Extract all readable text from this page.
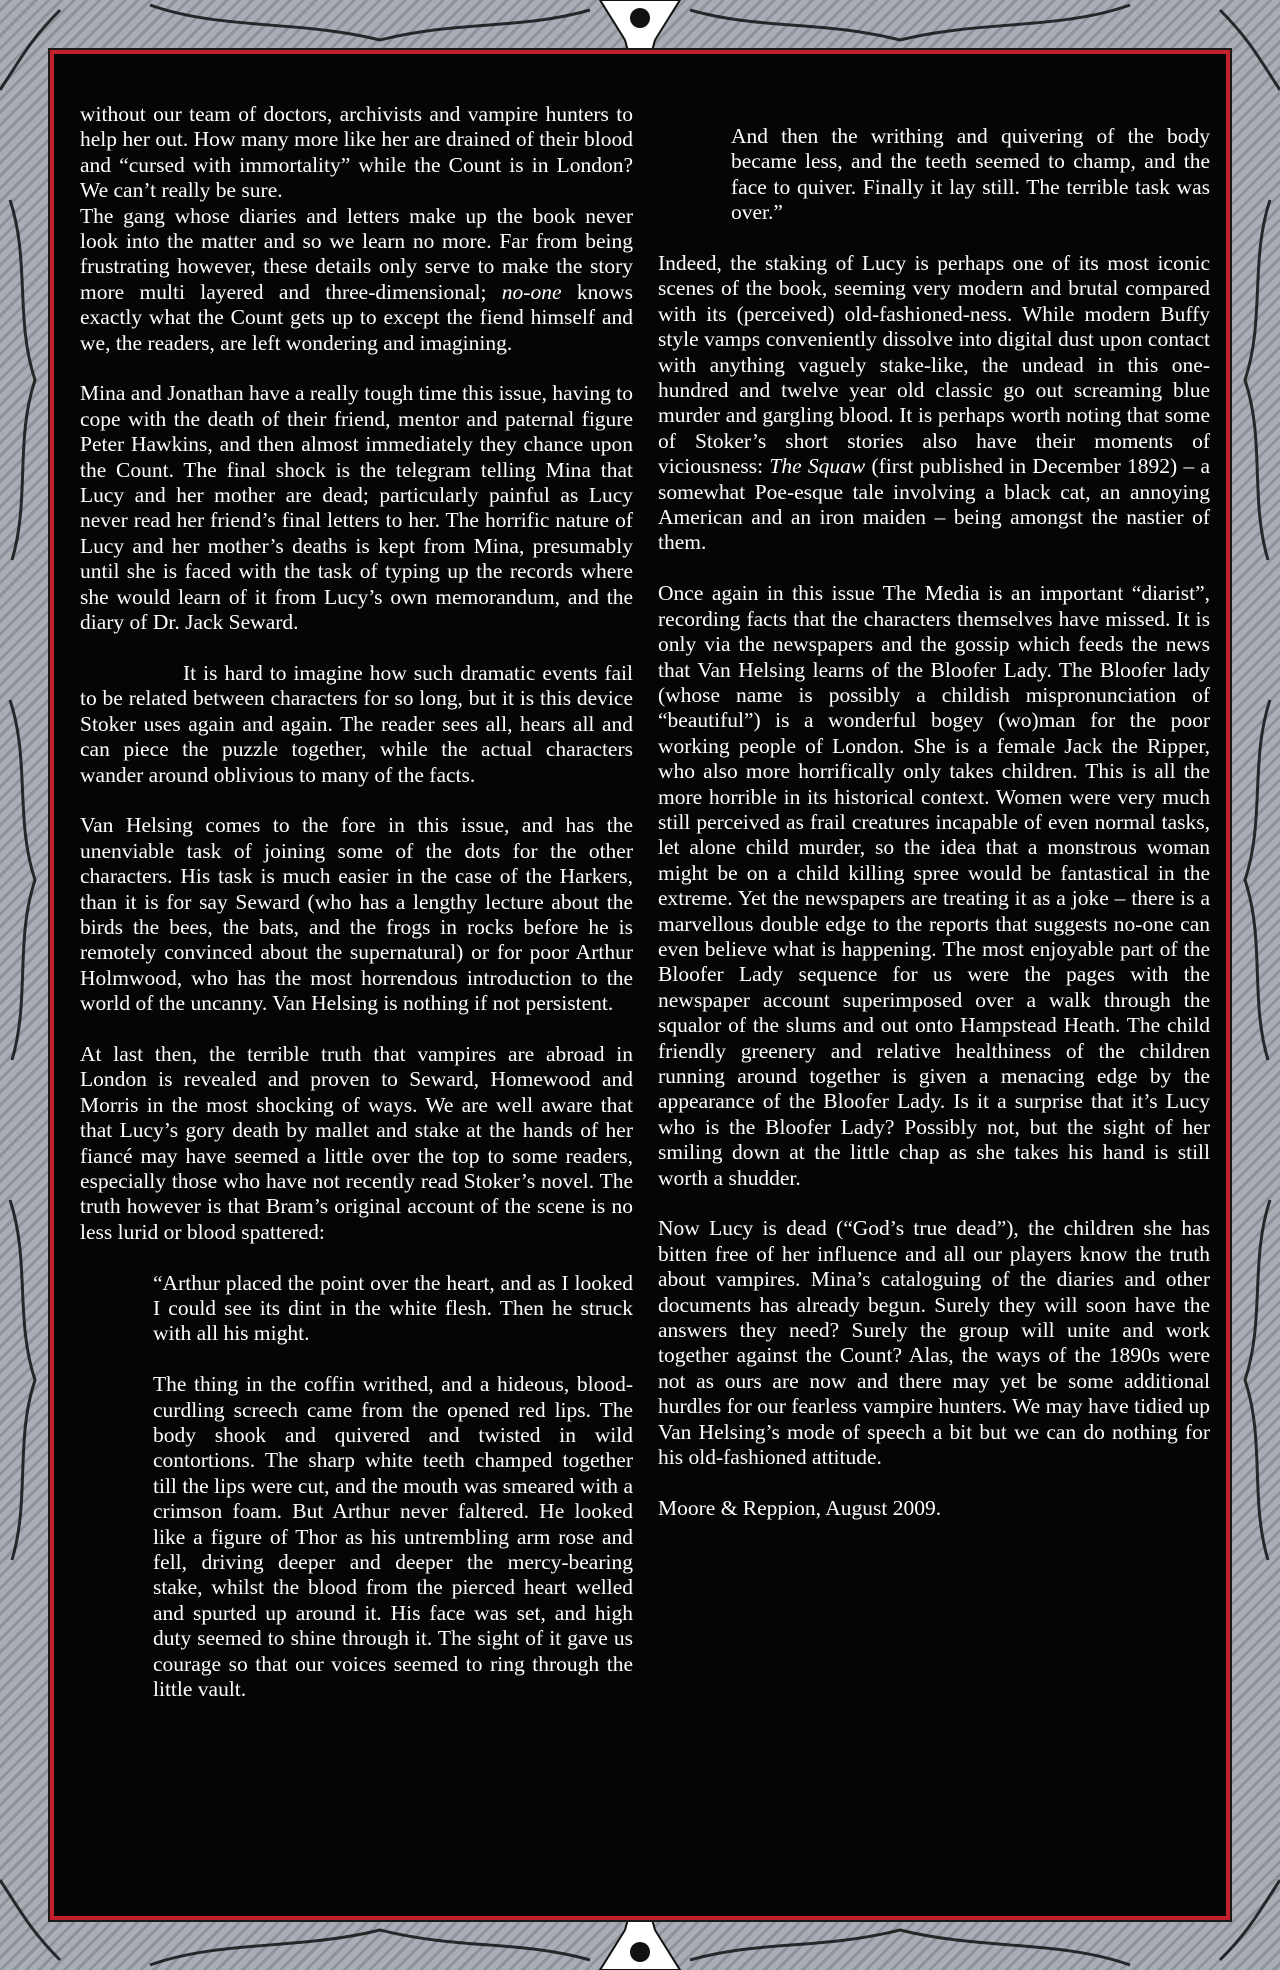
without our team of doctors, archivists and vampire hunters to help her out. How many more like her are drained of their blood and “cursed with immortality” while the Count is in London? We can’t really be sure.

The gang whose diaries and letters make up the book never look into the matter and so we learn no more. Far from being frustrating however, these details only serve to make the story more multi layered and three-dimensional; no-one knows exactly what the Count gets up to except the fiend himself and we, the readers, are left wondering and imagining.

Mina and Jonathan have a really tough time this issue, having to cope with the death of their friend, mentor and paternal figure Peter Hawkins, and then almost immediately they chance upon the Count. The final shock is the telegram telling Mina that Lucy and her mother are dead; particularly painful as Lucy never read her friend’s final letters to her. The horrific nature of Lucy and her mother’s deaths is kept from Mina, presumably until she is faced with the task of typing up the records where she would learn of it from Lucy’s own memorandum, and the diary of Dr. Jack Seward.

It is hard to imagine how such dramatic events fail to be related between characters for so long, but it is this device Stoker uses again and again. The reader sees all, hears all and can piece the puzzle together, while the actual characters wander around oblivious to many of the facts.

Van Helsing comes to the fore in this issue, and has the unenviable task of joining some of the dots for the other characters. His task is much easier in the case of the Harkers, than it is for say Seward (who has a lengthy lecture about the birds the bees, the bats, and the frogs in rocks before he is remotely convinced about the supernatural) or for poor Arthur Holmwood, who has the most horrendous introduction to the world of the uncanny. Van Helsing is nothing if not persistent.

At last then, the terrible truth that vampires are abroad in London is revealed and proven to Seward, Homewood and Morris in the most shocking of ways. We are well aware that that Lucy’s gory death by mallet and stake at the hands of her fiancé may have seemed a little over the top to some readers, especially those who have not recently read Stoker’s novel. The truth however is that Bram’s original account of the scene is no less lurid or blood spattered:

“Arthur placed the point over the heart, and as I looked I could see its dint in the white flesh. Then he struck with all his might.

The thing in the coffin writhed, and a hideous, blood-curdling screech came from the opened red lips. The body shook and quivered and twisted in wild contortions. The sharp white teeth champed together till the lips were cut, and the mouth was smeared with a crimson foam. But Arthur never faltered. He looked like a figure of Thor as his untrembling arm rose and fell, driving deeper and deeper the mercy-bearing stake, whilst the blood from the pierced heart welled and spurted up around it. His face was set, and high duty seemed to shine through it. The sight of it gave us courage so that our voices seemed to ring through the little vault.

And then the writhing and quivering of the body became less, and the teeth seemed to champ, and the face to quiver. Finally it lay still. The terrible task was over.”

Indeed, the staking of Lucy is perhaps one of its most iconic scenes of the book, seeming very modern and brutal compared with its (perceived) old-fashioned-ness. While modern Buffy style vamps conveniently dissolve into digital dust upon contact with anything vaguely stake-like, the undead in this one-hundred and twelve year old classic go out screaming blue murder and gargling blood. It is perhaps worth noting that some of Stoker’s short stories also have their moments of viciousness: The Squaw (first published in December 1892) – a somewhat Poe-esque tale involving a black cat, an annoying American and an iron maiden – being amongst the nastier of them.

Once again in this issue The Media is an important “diarist”, recording facts that the characters themselves have missed. It is only via the newspapers and the gossip which feeds the news that Van Helsing learns of the Bloofer Lady. The Bloofer lady (whose name is possibly a childish mispronunciation of “beautiful”) is a wonderful bogey (wo)man for the poor working people of London. She is a female Jack the Ripper, who also more horrifically only takes children. This is all the more horrible in its historical context. Women were very much still perceived as frail creatures incapable of even normal tasks, let alone child murder, so the idea that a monstrous woman might be on a child killing spree would be fantastical in the extreme. Yet the newspapers are treating it as a joke – there is a marvellous double edge to the reports that suggests no-one can even believe what is happening. The most enjoyable part of the Bloofer Lady sequence for us were the pages with the newspaper account superimposed over a walk through the squalor of the slums and out onto Hampstead Heath. The child friendly greenery and relative healthiness of the children running around together is given a menacing edge by the appearance of the Bloofer Lady. Is it a surprise that it’s Lucy who is the Bloofer Lady? Possibly not, but the sight of her smiling down at the little chap as she takes his hand is still worth a shudder.

Now Lucy is dead (“God’s true dead”), the children she has bitten free of her influence and all our players know the truth about vampires. Mina’s cataloguing of the diaries and other documents has already begun. Surely they will soon have the answers they need? Surely the group will unite and work together against the Count? Alas, the ways of the 1890s were not as ours are now and there may yet be some additional hurdles for our fearless vampire hunters. We may have tidied up Van Helsing’s mode of speech a bit but we can do nothing for his old-fashioned attitude.

Moore & Reppion, August 2009.
